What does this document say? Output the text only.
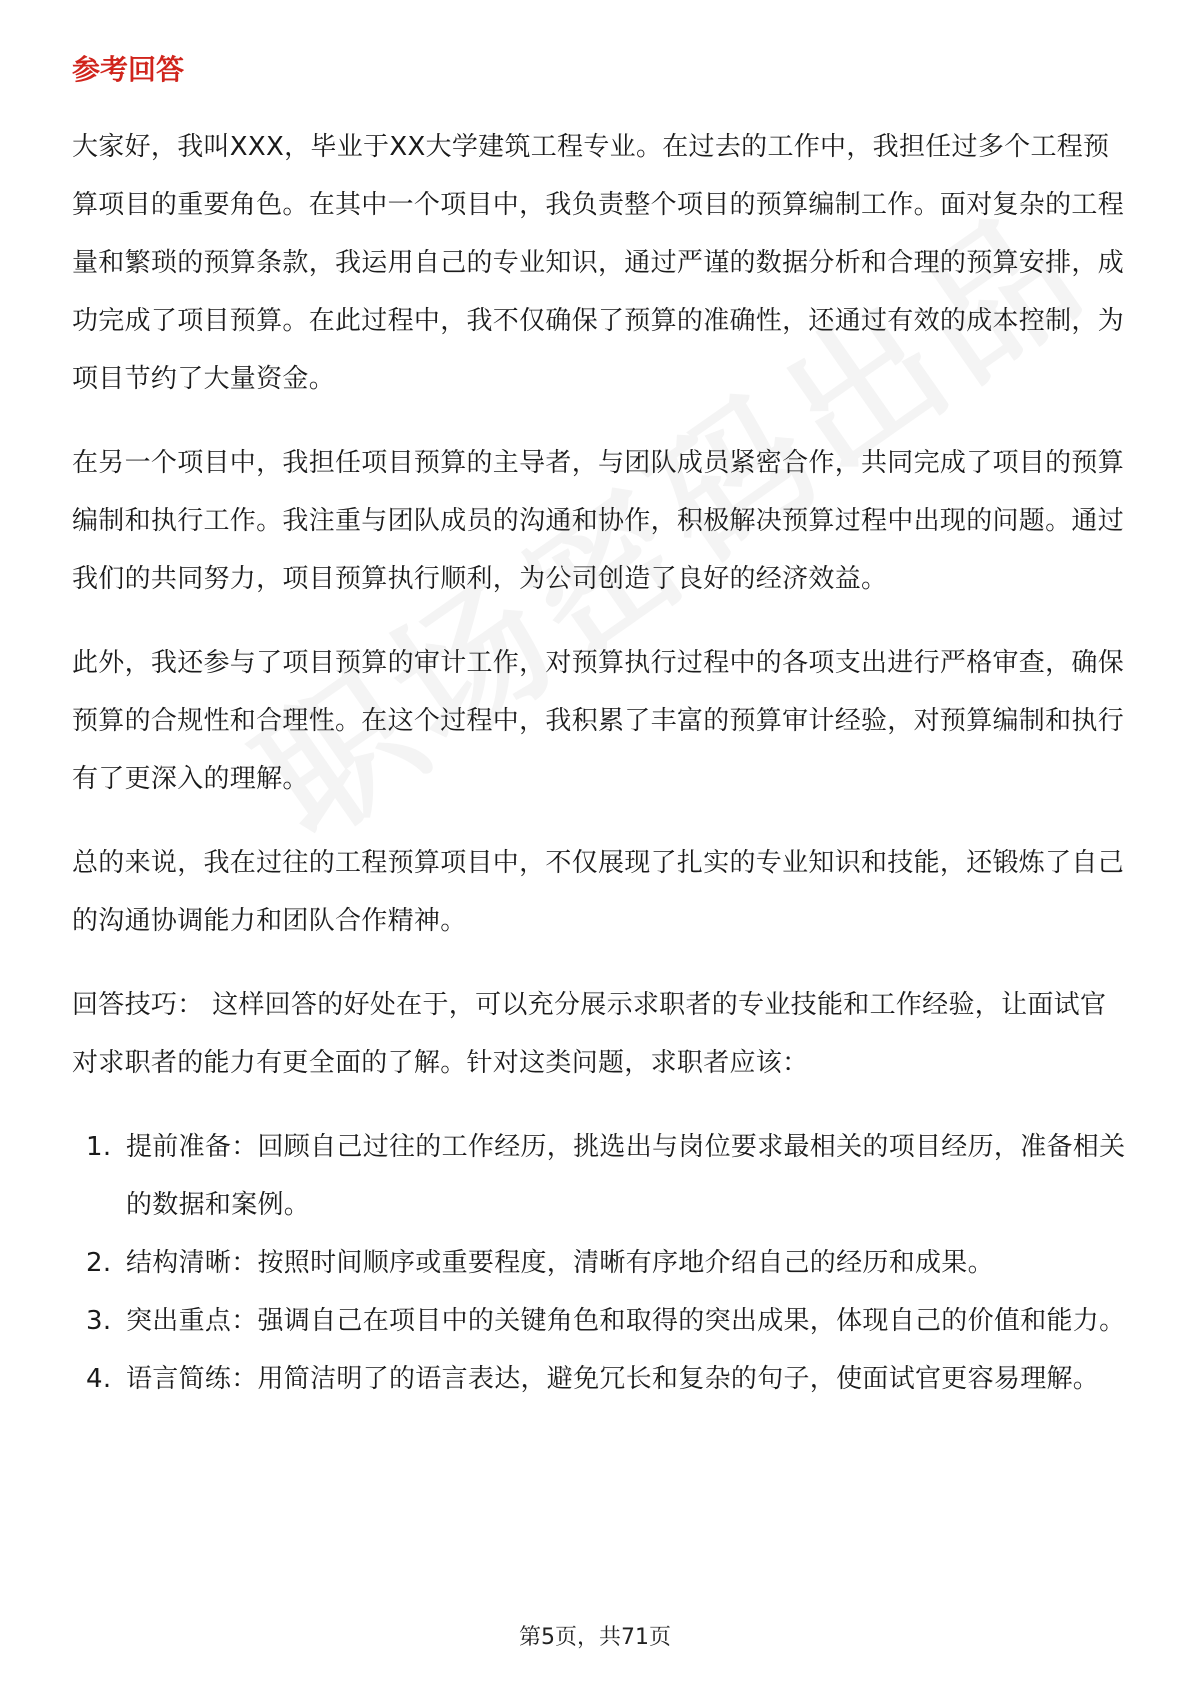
参考回答

大家好，我叫XXX，毕业于XX大学建筑工程专业。在过去的工作中，我担任过多个工程预算项目的重要角色。在其中一个项目中，我负责整个项目的预算编制工作。面对复杂的工程量和繁琐的预算条款，我运用自己的专业知识，通过严谨的数据分析和合理的预算安排，成功完成了项目预算。在此过程中，我不仅确保了预算的准确性，还通过有效的成本控制，为项目节约了大量资金。

在另一个项目中，我担任项目预算的主导者，与团队成员紧密合作，共同完成了项目的预算编制和执行工作。我注重与团队成员的沟通和协作，积极解决预算过程中出现的问题。通过我们的共同努力，项目预算执行顺利，为公司创造了良好的经济效益。

此外，我还参与了项目预算的审计工作，对预算执行过程中的各项支出进行严格审查，确保预算的合规性和合理性。在这个过程中，我积累了丰富的预算审计经验，对预算编制和执行有了更深入的理解。

总的来说，我在过往的工程预算项目中，不仅展现了扎实的专业知识和技能，还锻炼了自己的沟通协调能力和团队合作精神。

回答技巧： 这样回答的好处在于，可以充分展示求职者的专业技能和工作经验，让面试官对求职者的能力有更全面的了解。针对这类问题，求职者应该：

1. 提前准备：回顾自己过往的工作经历，挑选出与岗位要求最相关的项目经历，准备相关的数据和案例。
2. 结构清晰：按照时间顺序或重要程度，清晰有序地介绍自己的经历和成果。
3. 突出重点：强调自己在项目中的关键角色和取得的突出成果，体现自己的价值和能力。
4. 语言简练：用简洁明了的语言表达，避免冗长和复杂的句子，使面试官更容易理解。
第5页，共71页
